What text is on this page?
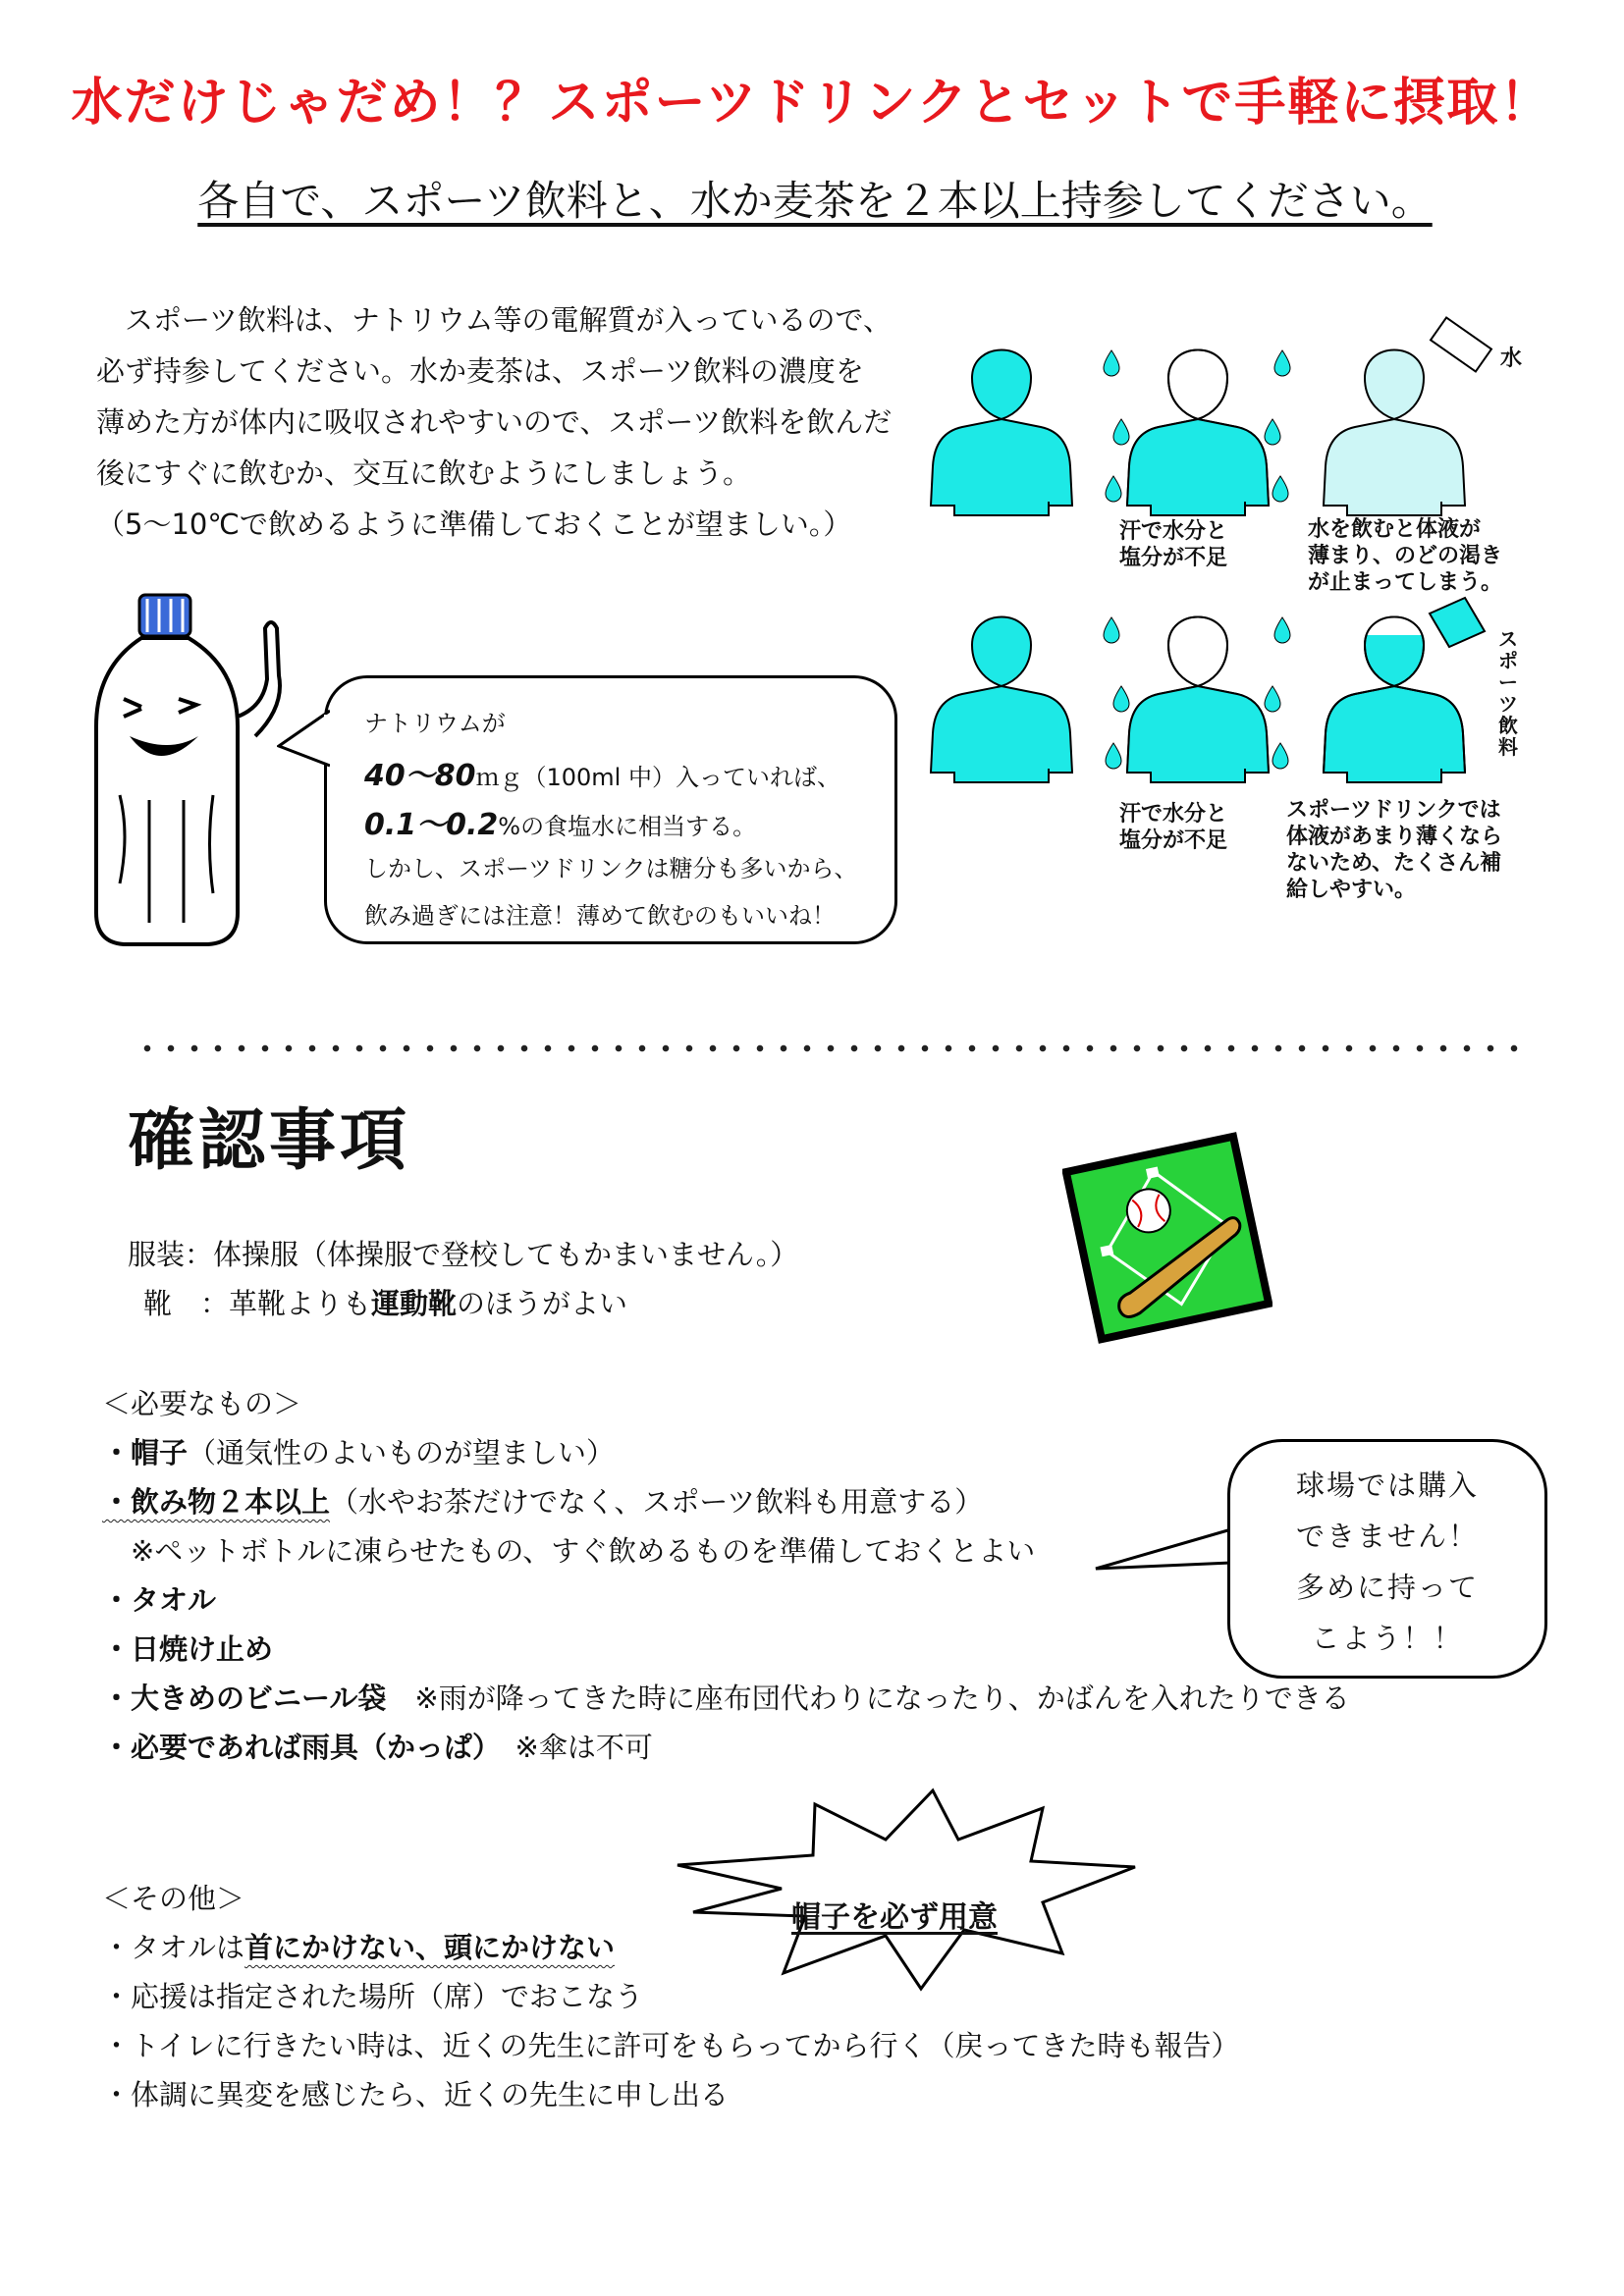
水だけじゃだめ！？スポーツドリンクとセットで手軽に摂取！
各自で、スポーツ飲料と、水か麦茶を２本以上持参してください。
　スポーツ飲料は、ナトリウム等の電解質が入っているので、
必ず持参してください。水か麦茶は、スポーツ飲料の濃度を
薄めた方が体内に吸収されやすいので、スポーツ飲料を飲んだ
後にすぐに飲むか、交互に飲むようにしましょう。
（5～10℃で飲めるように準備しておくことが望ましい。）
ナトリウムが
40～80ｍｇ（100ml 中）入っていれば、
0.1～0.2%の食塩水に相当する。
しかし、スポーツドリンクは糖分も多いから、
飲み過ぎには注意！薄めて飲むのもいいね！
水
ス
ポ
ー
ツ
飲
料
汗で水分と
塩分が不足
水を飲むと体液が
薄まり、のどの渇き
が止まってしまう。
汗で水分と
塩分が不足
スポーツドリンクでは
体液があまり薄くなら
ないため、たくさん補
給しやすい。
確認事項
服装：体操服（体操服で登校してもかまいません。）
靴　：革靴よりも運動靴のほうがよい
＜必要なもの＞
・帽子（通気性のよいものが望ましい）
・飲み物２本以上（水やお茶だけでなく、スポーツ飲料も用意する）
　※ペットボトルに凍らせたもの、すぐ飲めるものを準備しておくとよい
・タオル
・日焼け止め
・大きめのビニール袋　※雨が降ってきた時に座布団代わりになったり、かばんを入れたりできる
・必要であれば雨具（かっぱ）　※傘は不可
球場では購入
できません！
多めに持って
こよう！！
＜その他＞
・タオルは首にかけない、頭にかけない
・応援は指定された場所（席）でおこなう
・トイレに行きたい時は、近くの先生に許可をもらってから行く（戻ってきた時も報告）
・体調に異変を感じたら、近くの先生に申し出る
帽子を必ず用意
